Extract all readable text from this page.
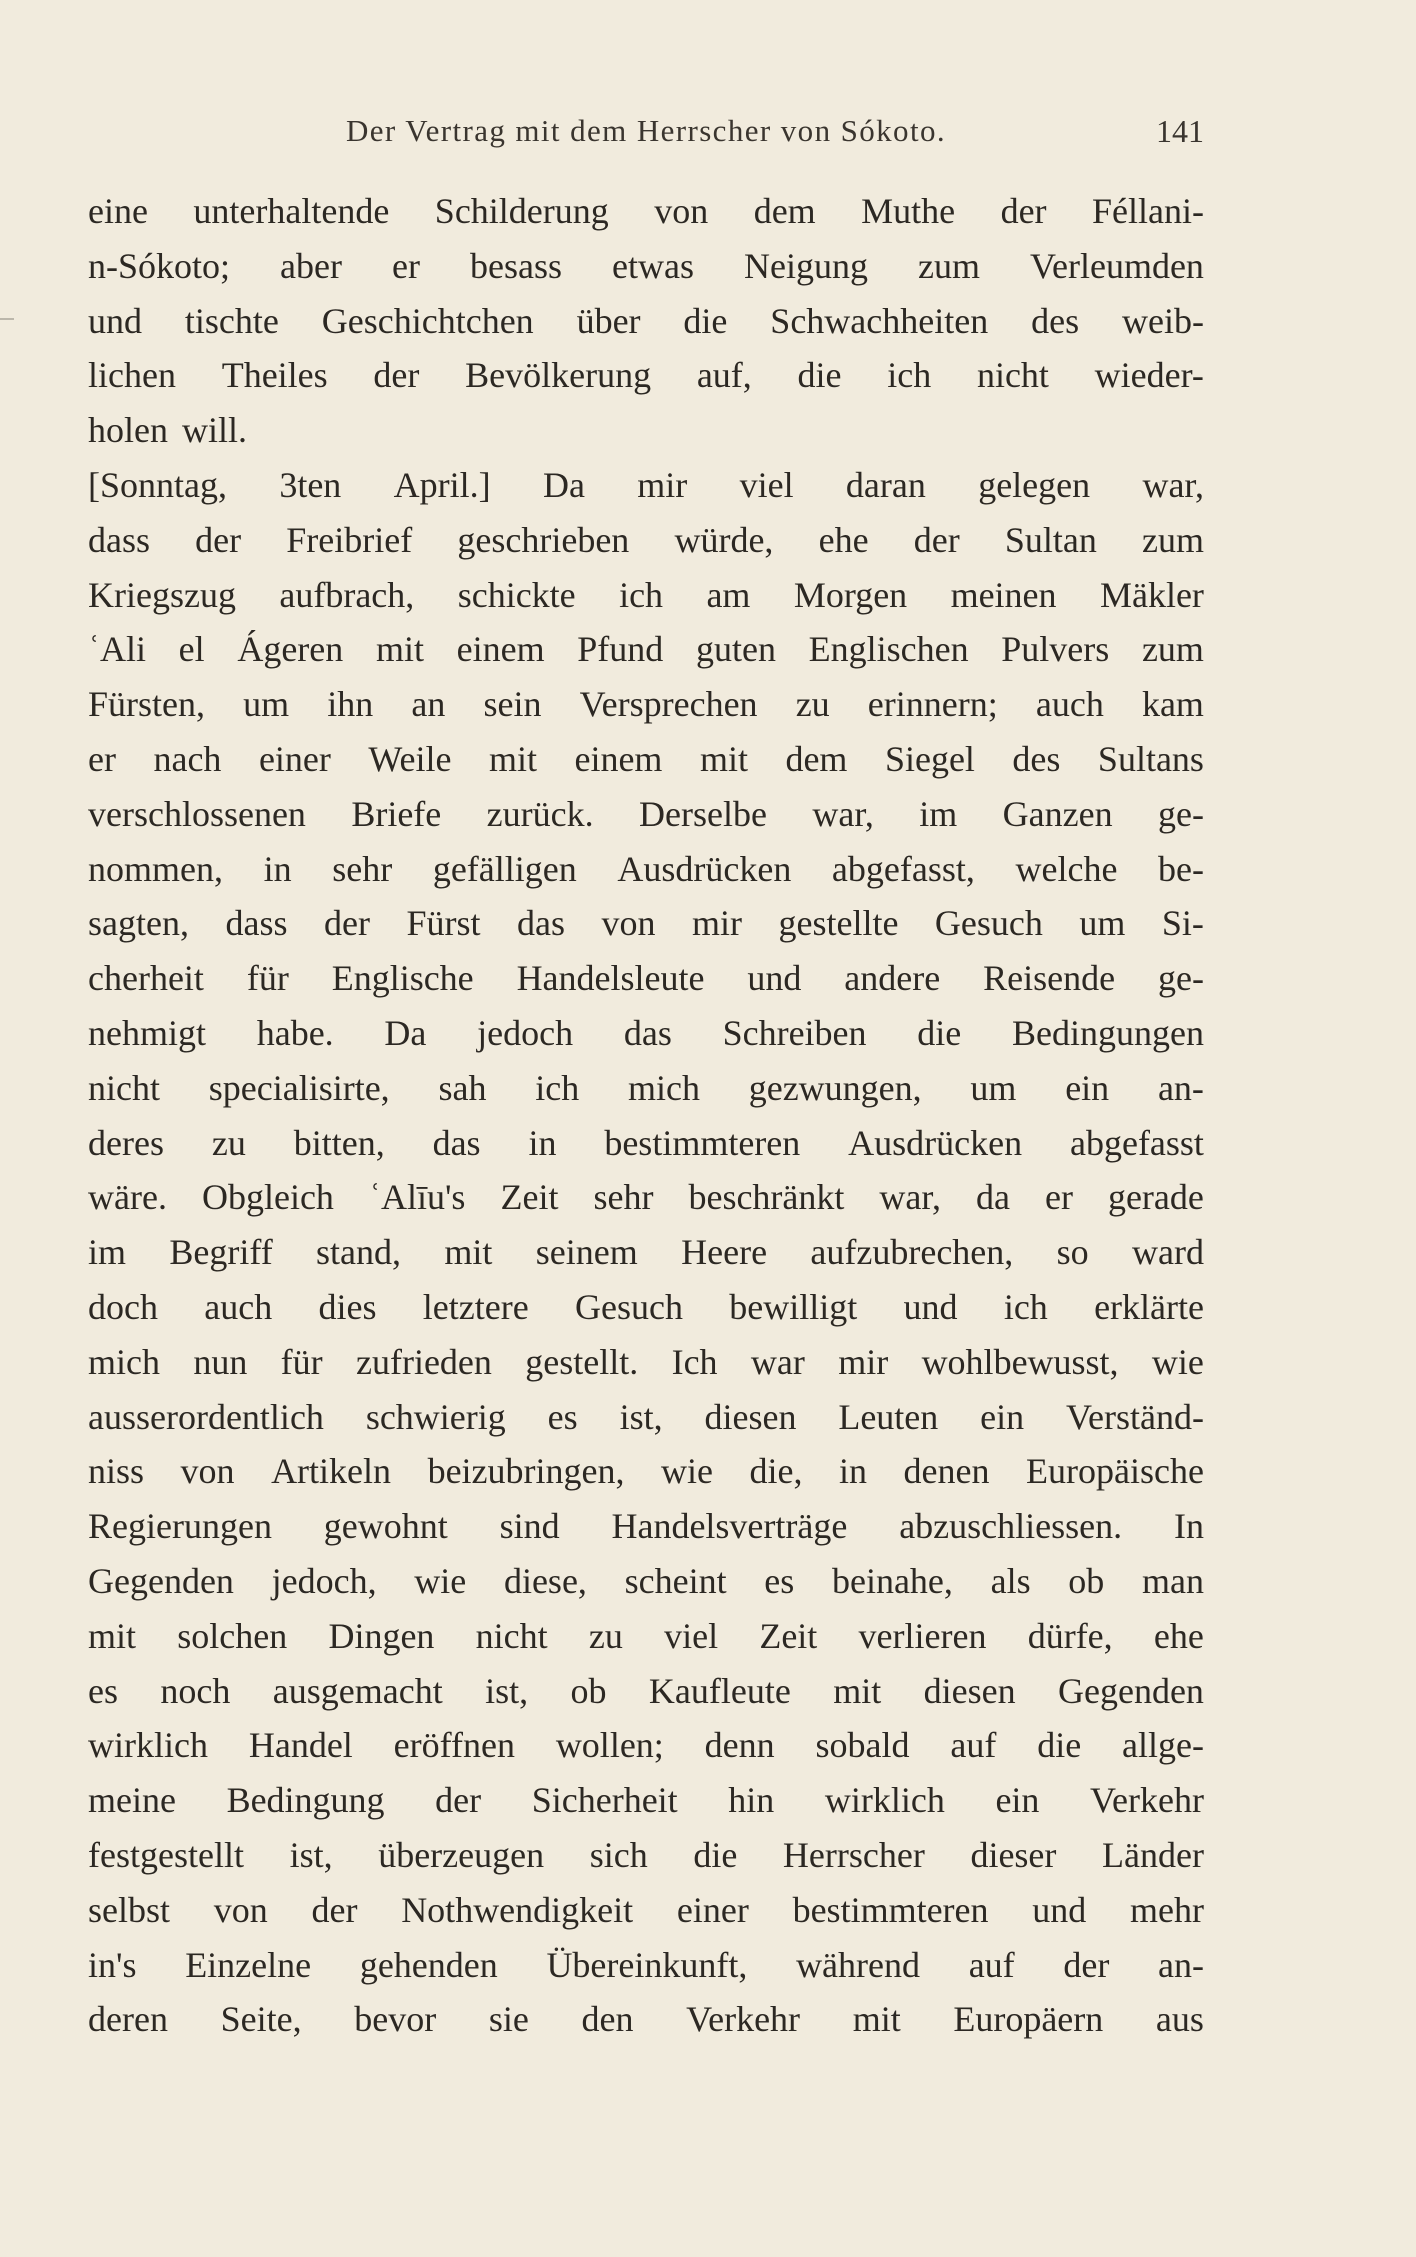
Der Vertrag mit dem Herrscher von Sókoto.	141
eine unterhaltende Schilderung von dem Muthe der Féllani-
n-Sókoto; aber er besass etwas Neigung zum Verleumden
und tischte Geschichtchen über die Schwachheiten des weib-
lichen Theiles der Bevölkerung auf, die ich nicht wieder-
holen will.
[Sonntag, 3ten April.] Da mir viel daran gelegen war,
dass der Freibrief geschrieben würde, ehe der Sultan zum
Kriegszug aufbrach, schickte ich am Morgen meinen Mäkler
ʿAli el Ágeren mit einem Pfund guten Englischen Pulvers zum
Fürsten, um ihn an sein Versprechen zu erinnern; auch kam
er nach einer Weile mit einem mit dem Siegel des Sultans
verschlossenen Briefe zurück. Derselbe war, im Ganzen ge-
nommen, in sehr gefälligen Ausdrücken abgefasst, welche be-
sagten, dass der Fürst das von mir gestellte Gesuch um Si-
cherheit für Englische Handelsleute und andere Reisende ge-
nehmigt habe. Da jedoch das Schreiben die Bedingungen
nicht specialisirte, sah ich mich gezwungen, um ein an-
deres zu bitten, das in bestimmteren Ausdrücken abgefasst
wäre. Obgleich ʿAlīu's Zeit sehr beschränkt war, da er gerade
im Begriff stand, mit seinem Heere aufzubrechen, so ward
doch auch dies letztere Gesuch bewilligt und ich erklärte
mich nun für zufrieden gestellt. Ich war mir wohlbewusst, wie
ausserordentlich schwierig es ist, diesen Leuten ein Verständ-
niss von Artikeln beizubringen, wie die, in denen Europäische
Regierungen gewohnt sind Handelsverträge abzuschliessen. In
Gegenden jedoch, wie diese, scheint es beinahe, als ob man
mit solchen Dingen nicht zu viel Zeit verlieren dürfe, ehe
es noch ausgemacht ist, ob Kaufleute mit diesen Gegenden
wirklich Handel eröffnen wollen; denn sobald auf die allge-
meine Bedingung der Sicherheit hin wirklich ein Verkehr
festgestellt ist, überzeugen sich die Herrscher dieser Länder
selbst von der Nothwendigkeit einer bestimmteren und mehr
in's Einzelne gehenden Übereinkunft, während auf der an-
deren Seite, bevor sie den Verkehr mit Europäern aus
